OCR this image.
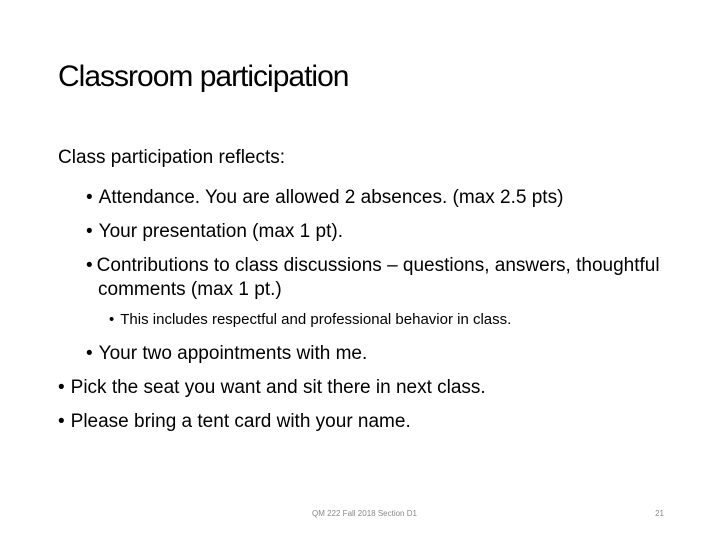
Classroom participation
Class participation reflects:
• Attendance. You are allowed 2 absences. (max 2.5 pts)
• Your presentation (max 1 pt).
• Contributions to class discussions – questions, answers, thoughtful comments (max 1 pt.)
• This includes respectful and professional behavior in class.
• Your two appointments with me.
• Pick the seat you want and sit there in next class.
• Please bring a tent card with your name.
QM 222 Fall 2018 Section D1	21
